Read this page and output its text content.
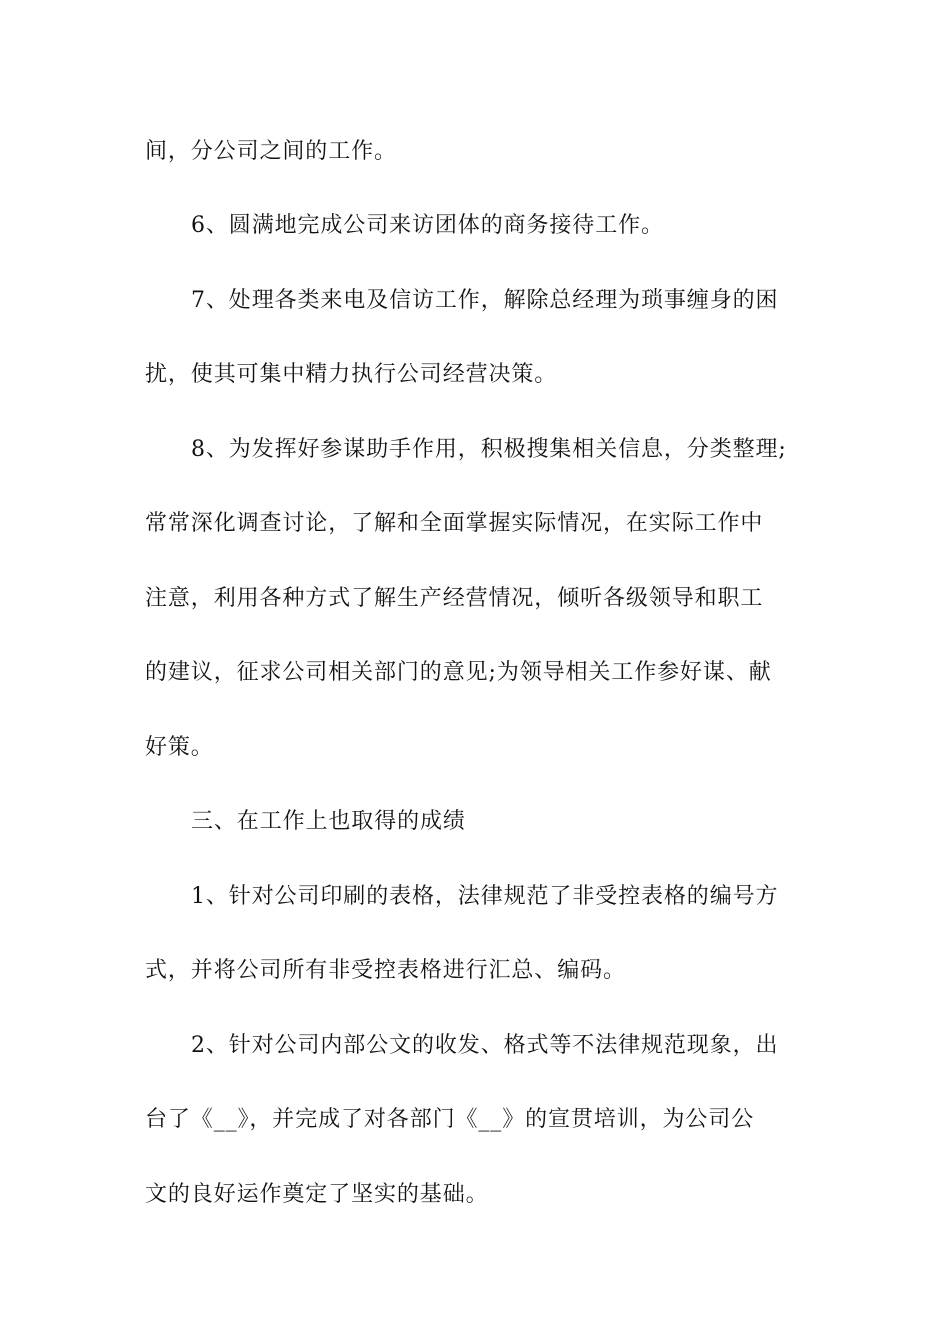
间，分公司之间的工作。
6、圆满地完成公司来访团体的商务接待工作。
7、处理各类来电及信访工作，解除总经理为琐事缠身的困
扰，使其可集中精力执行公司经营决策。
8、为发挥好参谋助手作用，积极搜集相关信息，分类整理;
常常深化调查讨论，了解和全面掌握实际情况，在实际工作中
注意，利用各种方式了解生产经营情况，倾听各级领导和职工
的建议，征求公司相关部门的意见;为领导相关工作参好谋、献
好策。
三、在工作上也取得的成绩
1、针对公司印刷的表格，法律规范了非受控表格的编号方
式，并将公司所有非受控表格进行汇总、编码。
2、针对公司内部公文的收发、格式等不法律规范现象，出
台了《__》，并完成了对各部门《__》的宣贯培训，为公司公
文的良好运作奠定了坚实的基础。
